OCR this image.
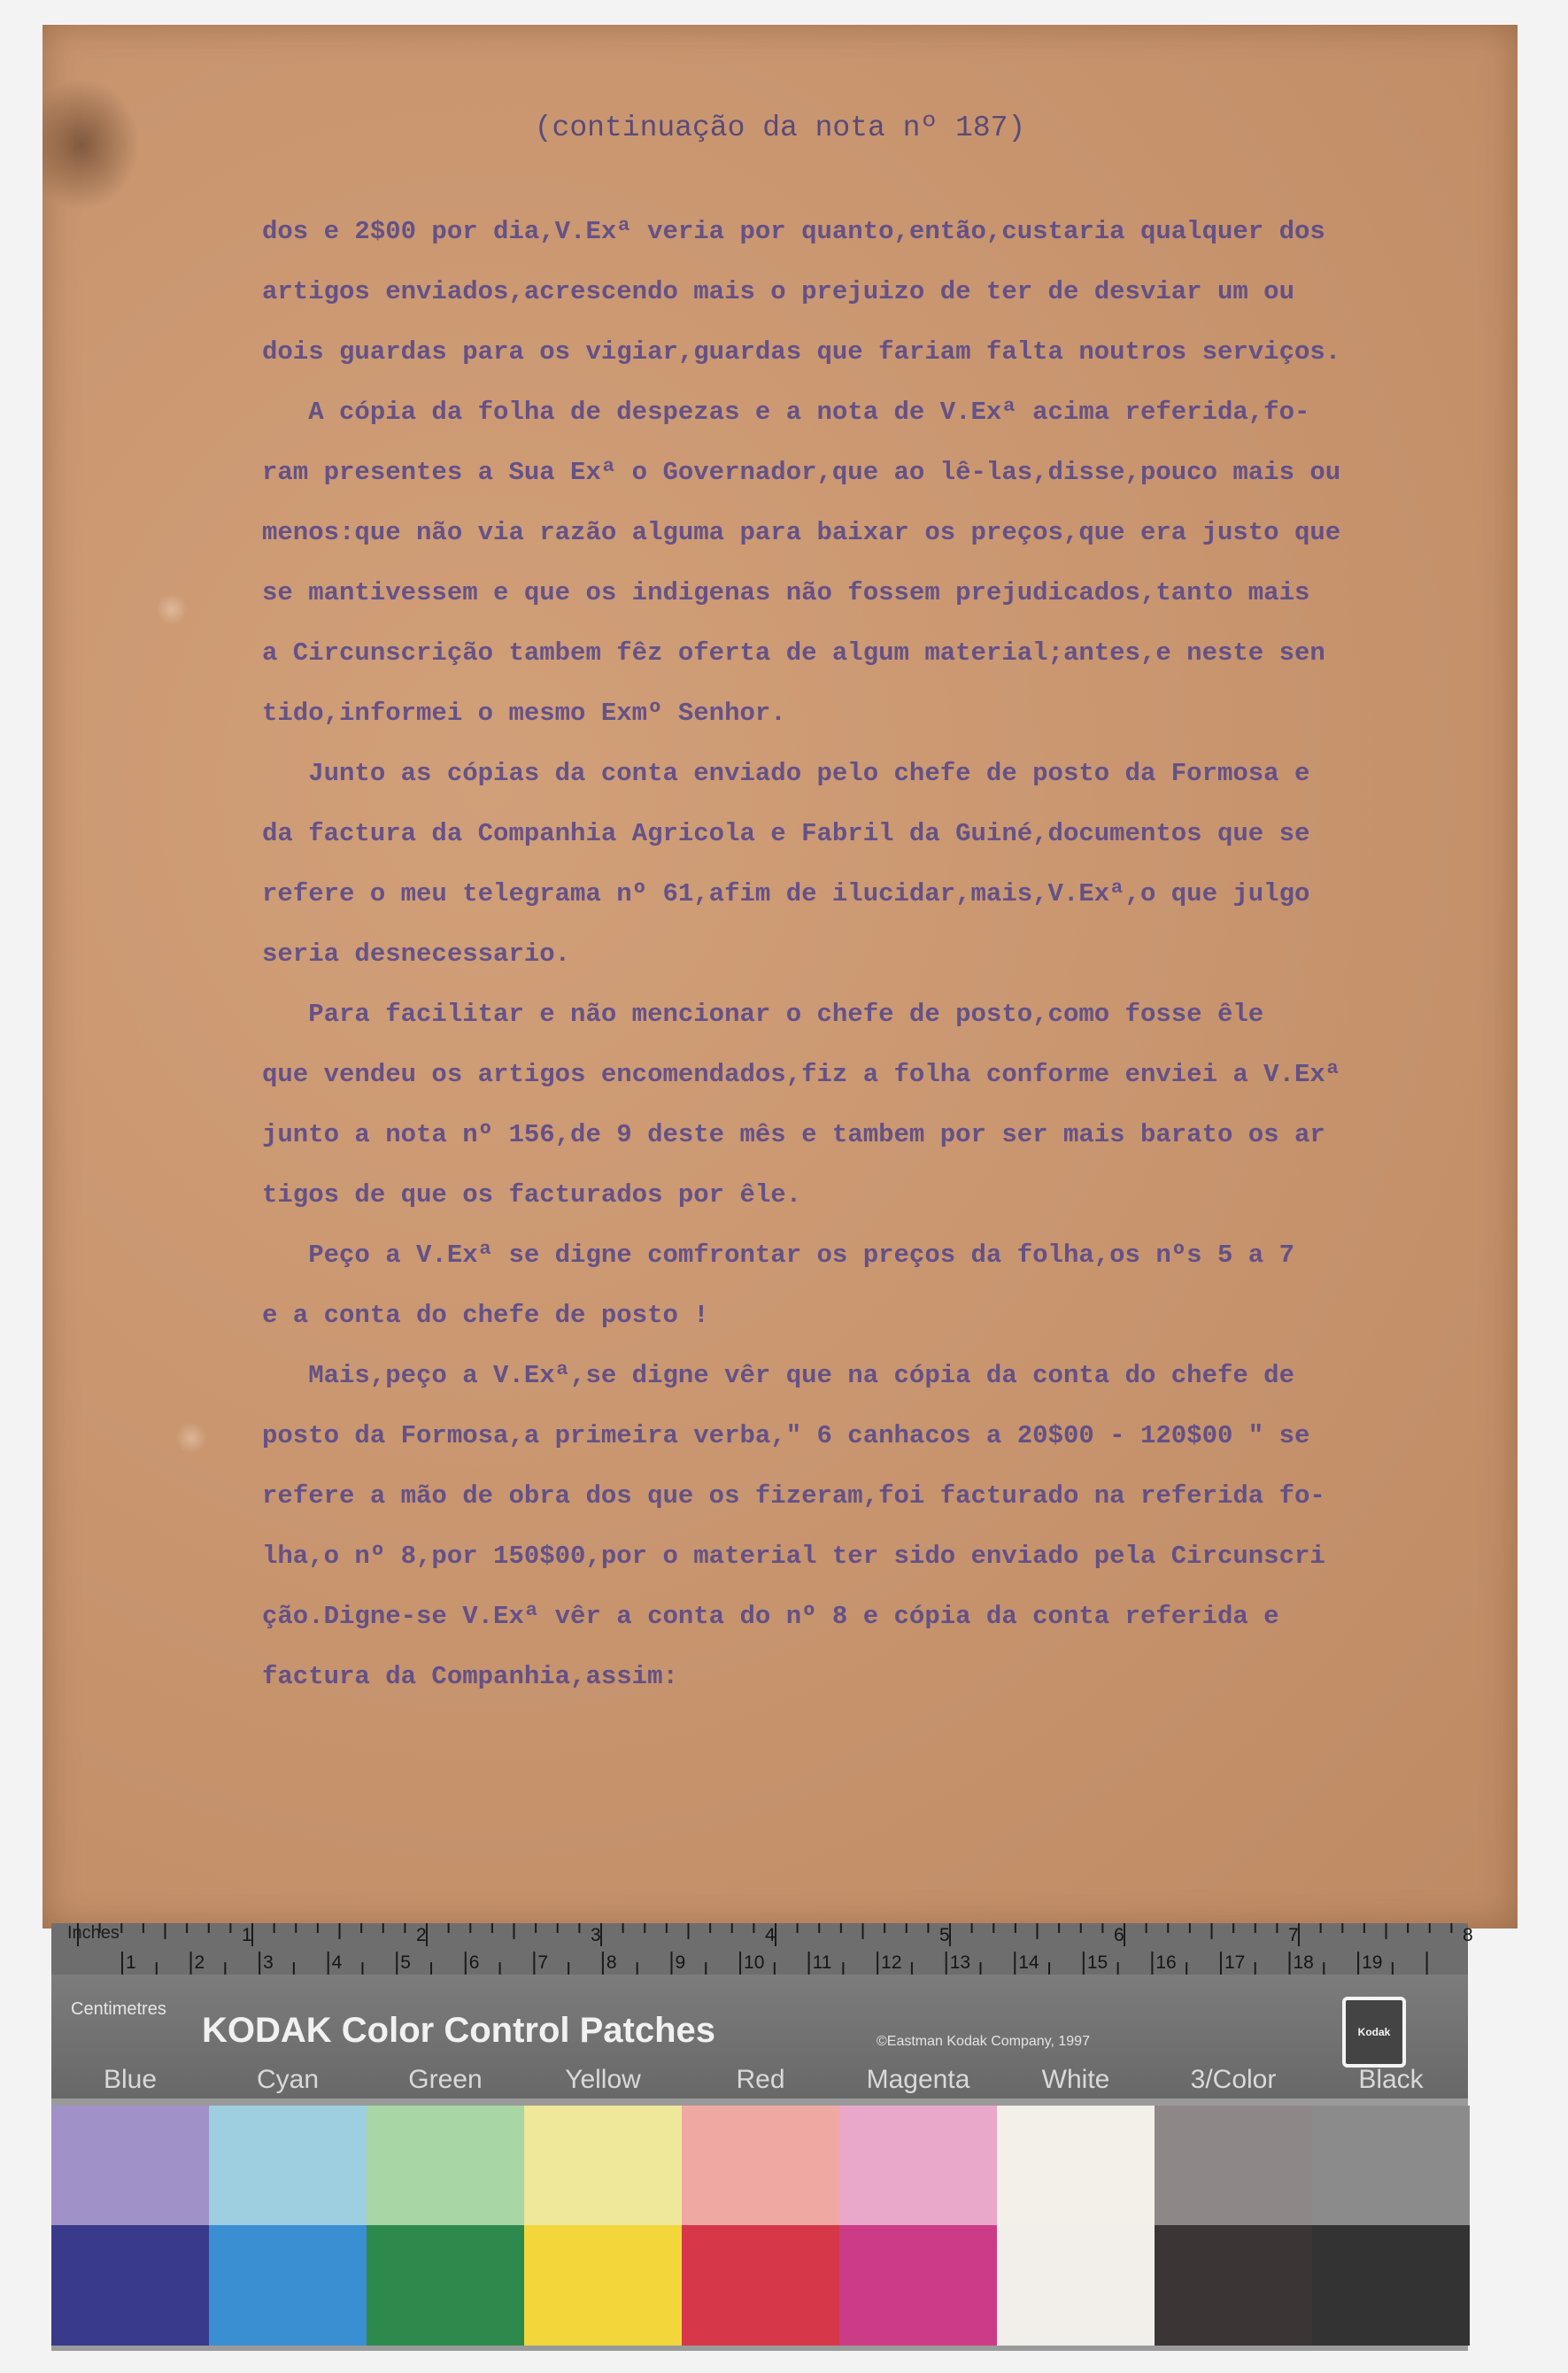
(continuação da nota nº 187)
dos e 2$00 por dia,V.Exª veria por quanto,então,custaria qualquer dos
artigos enviados,acrescendo mais o prejuizo de ter de desviar um ou
dois guardas para os vigiar,guardas que fariam falta noutros serviços.
A cópia da folha de despezas e a nota de V.Exª acima referida,fo-
ram presentes a Sua Exª o Governador,que ao lê-las,disse,pouco mais ou
menos:que não via razão alguma para baixar os preços,que era justo que
se mantivessem e que os indigenas não fossem prejudicados,tanto mais
a Circunscrição tambem fêz oferta de algum material;antes,e neste sen
tido,informei o mesmo Exmº Senhor.
Junto as cópias da conta enviado pelo chefe de posto da Formosa e
da factura da Companhia Agricola e Fabril da Guiné,documentos que se
refere o meu telegrama nº 61,afim de ilucidar,mais,V.Exª,o que julgo
seria desnecessario.
Para facilitar e não mencionar o chefe de posto,como fosse êle
que vendeu os artigos encomendados,fiz a folha conforme enviei a V.Exª
junto a nota nº 156,de 9 deste mês e tambem por ser mais barato os ar
tigos de que os facturados por êle.
Peço a V.Exª se digne comfrontar os preços da folha,os nºs 5 a 7
e a conta do chefe de posto !
Mais,peço a V.Exª,se digne vêr que na cópia da conta do chefe de
posto da Formosa,a primeira verba," 6 canhacos a 20$00 - 120$00 " se
refere a mão de obra dos que os fizeram,foi facturado na referida fo-
lha,o nº 8,por 150$00,por o material ter sido enviado pela Circunscri
ção.Digne-se V.Exª vêr a conta do nº 8 e cópia da conta referida e
factura da Companhia,assim:
Inches	1	2	3	4	5	6	7	8
1	2	3	4	5	6	7	8	9	10	11	12	13	14	15	16	17	18	19
Centimetres
KODAK Color Control Patches	©Eastman Kodak Company, 1997
Kodak
Blue	Cyan	Green	Yellow	Red	Magenta	White	3/Color	Black
